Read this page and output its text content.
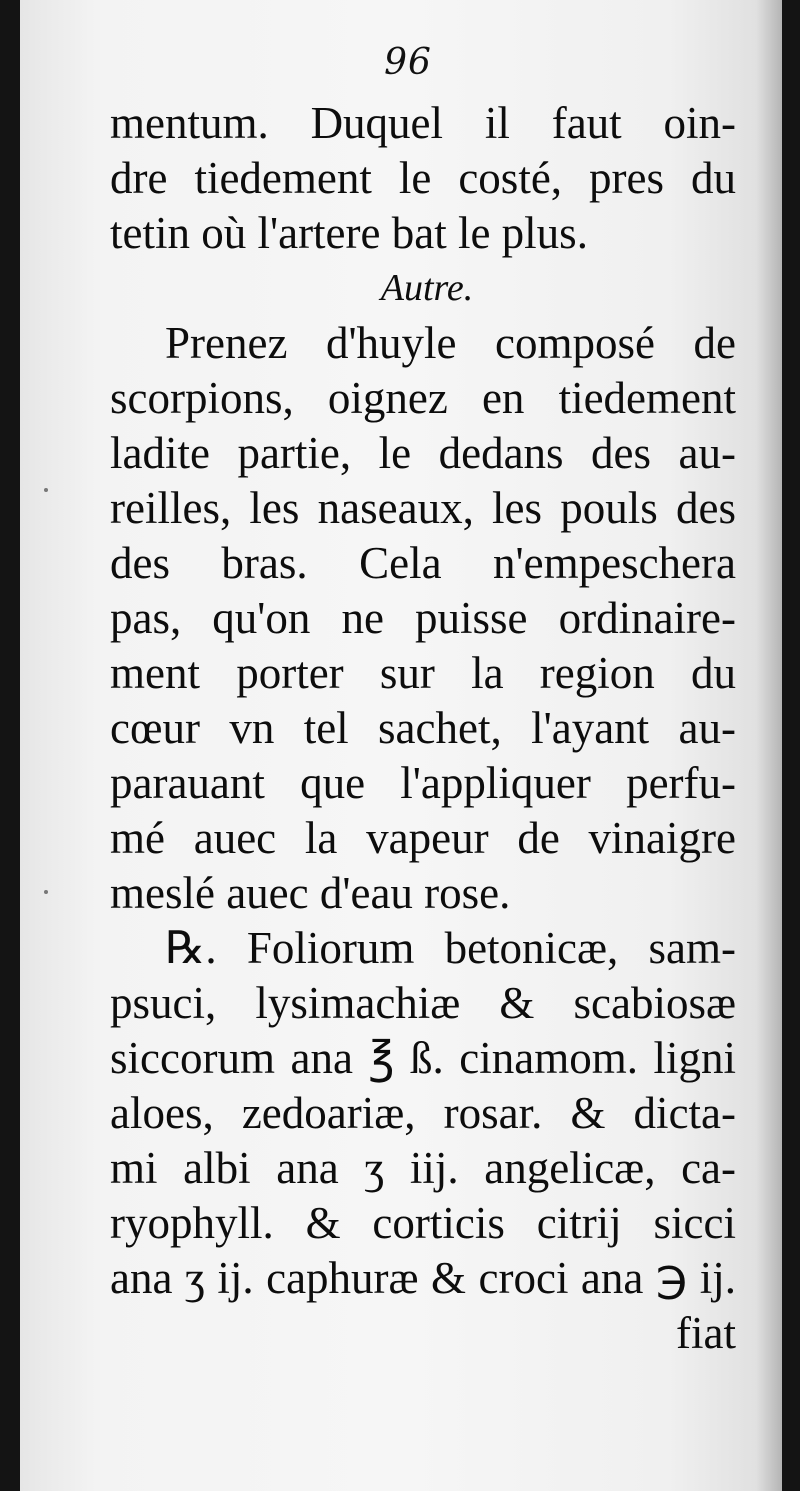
96
mentum. Duquel il faut oin-
dre tiedement le costé, pres du
tetin où l'artere bat le plus.
Autre.
Prenez d'huyle composé de
scorpions, oignez en tiedement
ladite partie, le dedans des au-
reilles, les naseaux, les pouls des
des bras. Cela n'empeschera
pas, qu'on ne puisse ordinaire-
ment porter sur la region du
cœur vn tel sachet, l'ayant au-
parauant que l'appliquer perfu-
mé auec la vapeur de vinaigre
meslé auec d'eau rose.
℞. Foliorum betonicæ, sam-
psuci, lysimachiæ & scabiosæ
siccorum ana ℥ ß. cinamom. ligni
aloes, zedoariæ, rosar. & dicta-
mi albi ana ʒ iij. angelicæ, ca-
ryophyll. & corticis citrij sicci
ana ʒ ij. caphuræ & croci ana ℈ ij.
fiat
